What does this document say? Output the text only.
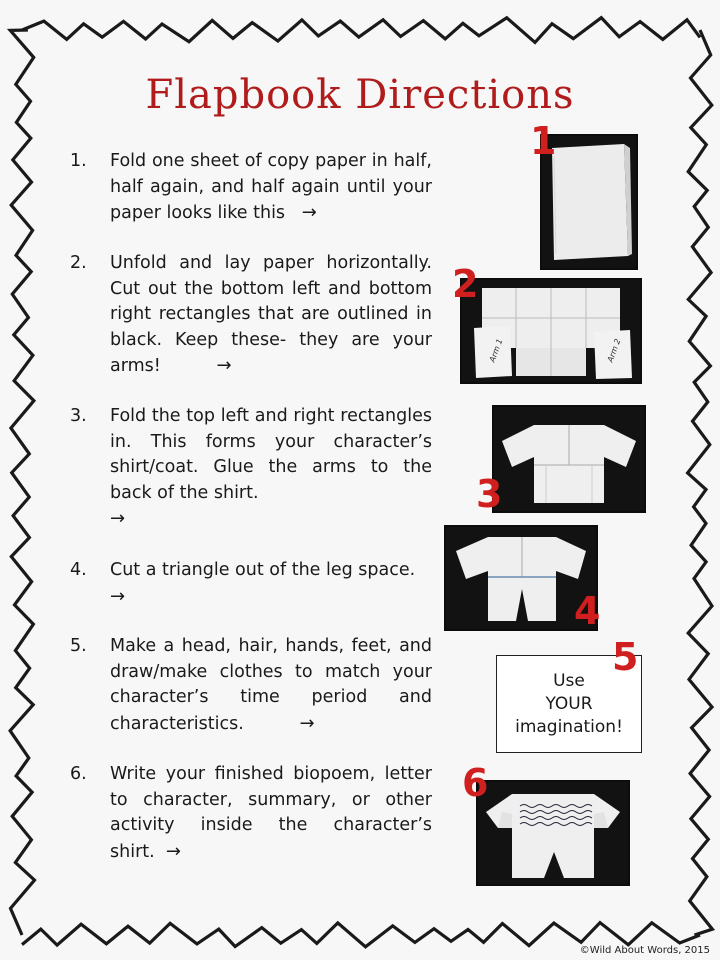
Flapbook Directions
1.	Fold one sheet of copy paper in half, half again, and half again until your paper looks like this →
2.	Unfold and lay paper horizontally. Cut out the bottom left and bottom right rectangles that are outlined in black. Keep these- they are your arms!	→
3.	Fold the top left and right rectangles in. This forms your character’s shirt/coat. Glue the arms to the back of the shirt.

→
4.	Cut a triangle out of the leg space.

→
5.	Make a head, hair, hands, feet, and draw/make clothes to match your character’s time period and characteristics.	→
6.	Write your finished biopoem, letter to character, summary, or other activity inside the character’s shirt. →
Arm 1	Arm 2
Use
YOUR
imagination!
1
2
3
4
5
6
©Wild About Words, 2015
